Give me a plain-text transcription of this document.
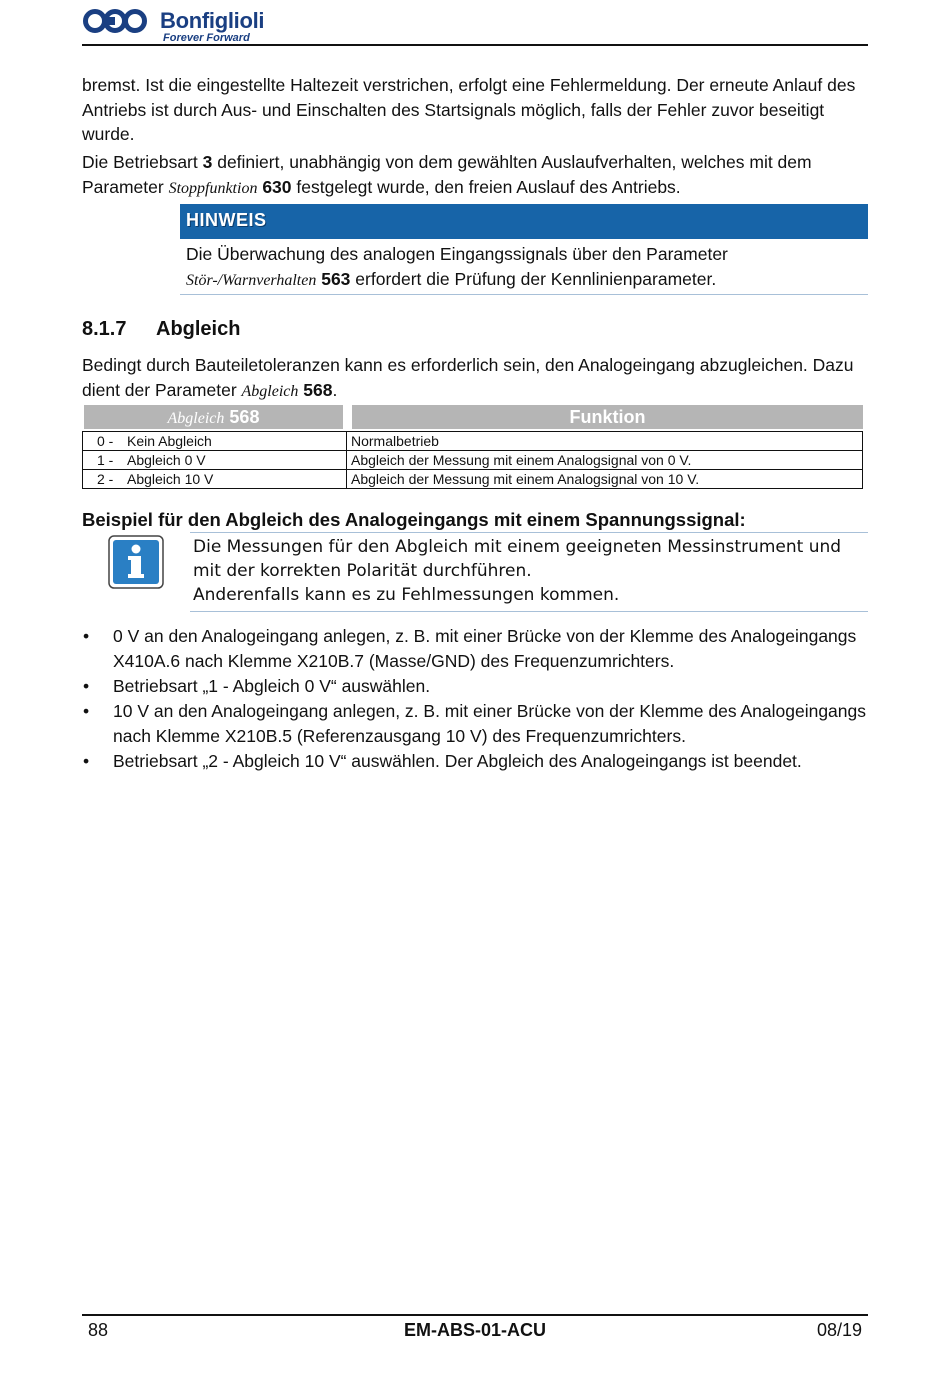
Bonfiglioli
Forever Forward

bremst. Ist die eingestellte Haltezeit verstrichen, erfolgt eine Fehlermeldung. Der erneute Anlauf des Antriebs ist durch Aus- und Einschalten des Startsignals möglich, falls der Fehler zuvor beseitigt wurde.

Die Betriebsart 3 definiert, unabhängig von dem gewählten Auslaufverhalten, welches mit dem Parameter Stoppfunktion 630 festgelegt wurde, den freien Auslauf des Antriebs.

HINWEIS
Die Überwachung des analogen Eingangssignals über den Parameter Stör-/Warnverhalten 563 erfordert die Prüfung der Kennlinienparameter.
8.1.7 Abgleich

Bedingt durch Bauteiletoleranzen kann es erforderlich sein, den Analogeingang abzugleichen. Dazu dient der Parameter Abgleich 568.

Abgleich 568	Funktion
0 - Kein Abgleich	Normalbetrieb
1 - Abgleich 0 V	Abgleich der Messung mit einem Analogsignal von 0 V.
2 - Abgleich 10 V	Abgleich der Messung mit einem Analogsignal von 10 V.
Beispiel für den Abgleich des Analogeingangs mit einem Spannungssignal:
Die Messungen für den Abgleich mit einem geeigneten Messinstrument und mit der korrekten Polarität durchführen.
Anderenfalls kann es zu Fehlmessungen kommen.
• 0 V an den Analogeingang anlegen, z. B. mit einer Brücke von der Klemme des Analogeingangs X410A.6 nach Klemme X210B.7 (Masse/GND) des Frequenzumrichters.
• Betriebsart „1 - Abgleich 0 V“ auswählen.
• 10 V an den Analogeingang anlegen, z. B. mit einer Brücke von der Klemme des Analogeingangs nach Klemme X210B.5 (Referenzausgang 10 V) des Frequenzumrichters.
• Betriebsart „2 - Abgleich 10 V“ auswählen. Der Abgleich des Analogeingangs ist beendet.
88	EM-ABS-01-ACU	08/19
